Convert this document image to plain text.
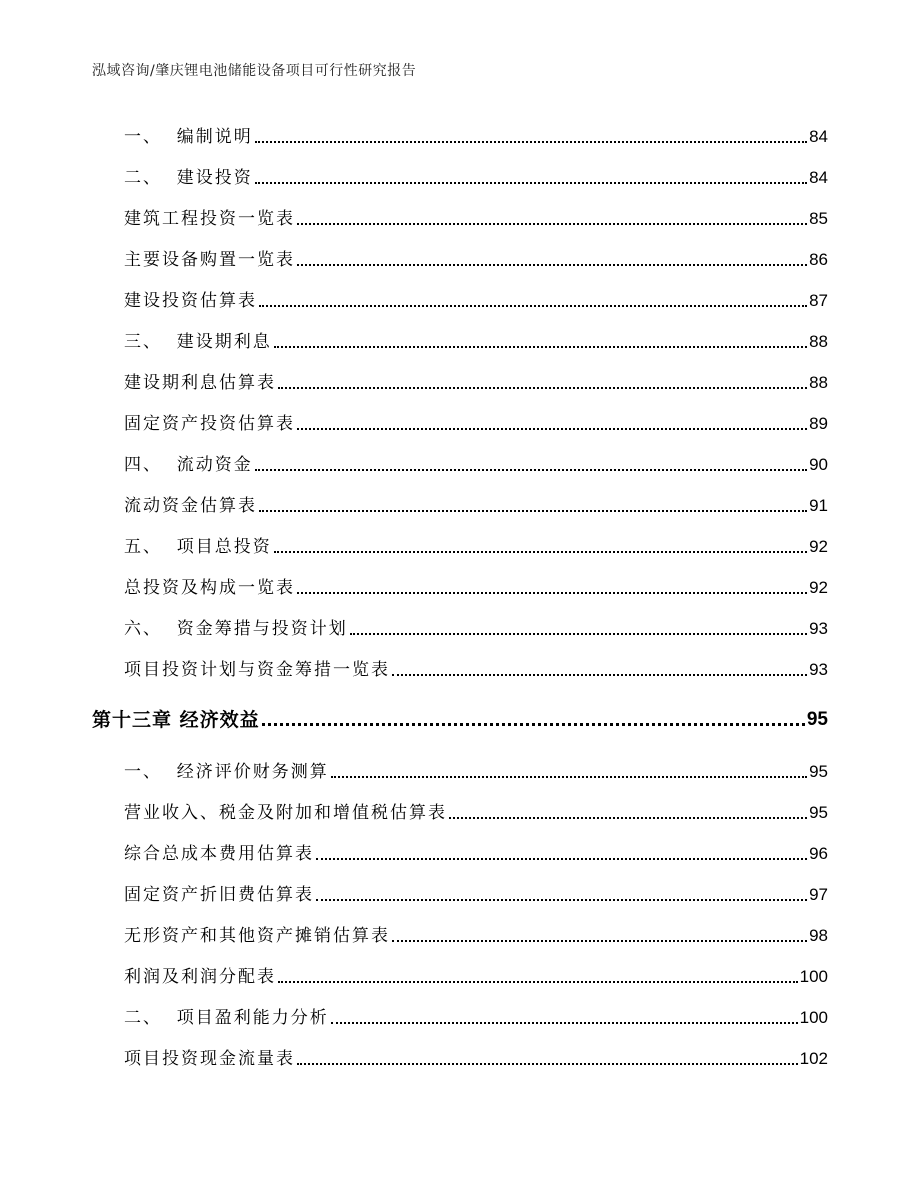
泓域咨询/肇庆锂电池储能设备项目可行性研究报告
一、  编制说明	84
二、  建设投资	84
建筑工程投资一览表	85
主要设备购置一览表	86
建设投资估算表	87
三、  建设期利息	88
建设期利息估算表	88
固定资产投资估算表	89
四、  流动资金	90
流动资金估算表	91
五、  项目总投资	92
总投资及构成一览表	92
六、  资金筹措与投资计划	93
项目投资计划与资金筹措一览表	93
第十三章 经济效益	95
一、  经济评价财务测算	95
营业收入、税金及附加和增值税估算表	95
综合总成本费用估算表	96
固定资产折旧费估算表	97
无形资产和其他资产摊销估算表	98
利润及利润分配表	100
二、  项目盈利能力分析	100
项目投资现金流量表	102
